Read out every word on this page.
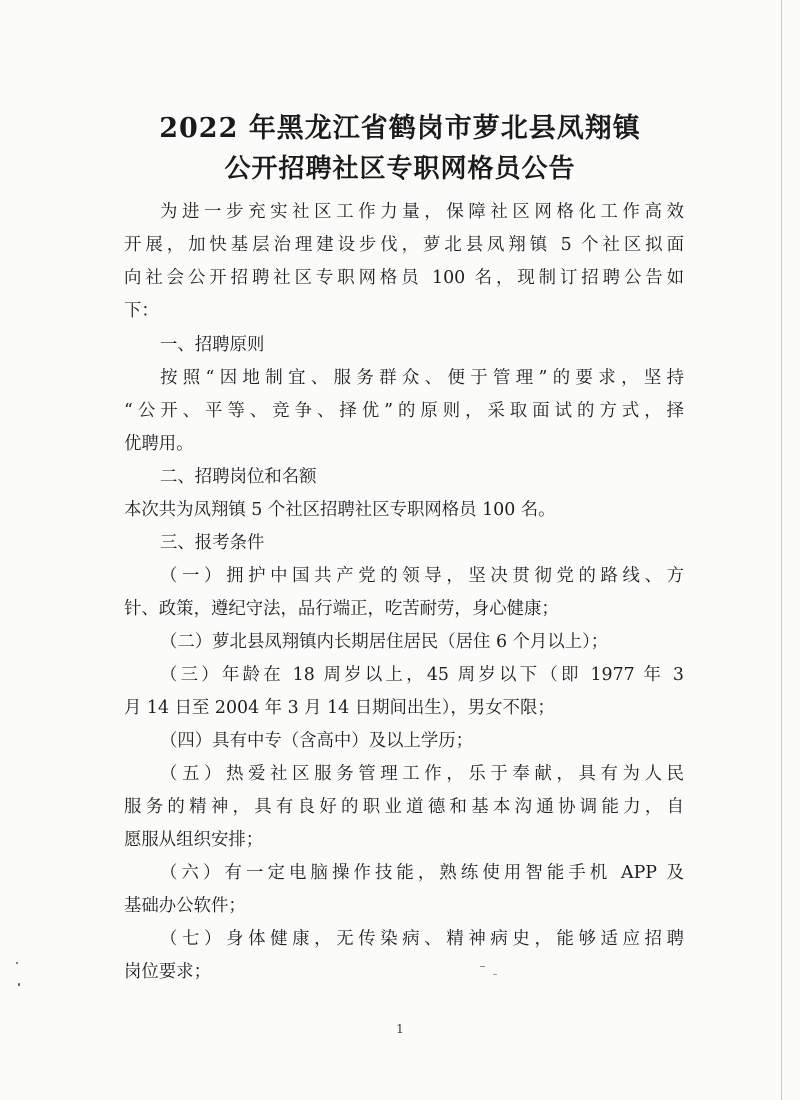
2022 年黑龙江省鹤岗市萝北县凤翔镇
公开招聘社区专职网格员公告

为进一步充实社区工作力量，保障社区网格化工作高效

开展，加快基层治理建设步伐，萝北县凤翔镇 5 个社区拟面

向社会公开招聘社区专职网格员 100 名，现制订招聘公告如

下：

一、招聘原则

按照“因地制宜、服务群众、便于管理”的要求，坚持

“公开、平等、竞争、择优”的原则，采取面试的方式，择

优聘用。

二、招聘岗位和名额

本次共为凤翔镇 5 个社区招聘社区专职网格员 100 名。

三、报考条件

（一）拥护中国共产党的领导，坚决贯彻党的路线、方

针、政策，遵纪守法，品行端正，吃苦耐劳，身心健康；

（二）萝北县凤翔镇内长期居住居民（居住 6 个月以上）；

（三）年龄在 18 周岁以上，45 周岁以下（即 1977 年 3

月 14 日至 2004 年 3 月 14 日期间出生），男女不限；

（四）具有中专（含高中）及以上学历；

（五）热爱社区服务管理工作，乐于奉献，具有为人民

服务的精神，具有良好的职业道德和基本沟通协调能力，自

愿服从组织安排；

（六）有一定电脑操作技能，熟练使用智能手机 APP 及

基础办公软件；

（七）身体健康，无传染病、精神病史，能够适应招聘

岗位要求；

1
